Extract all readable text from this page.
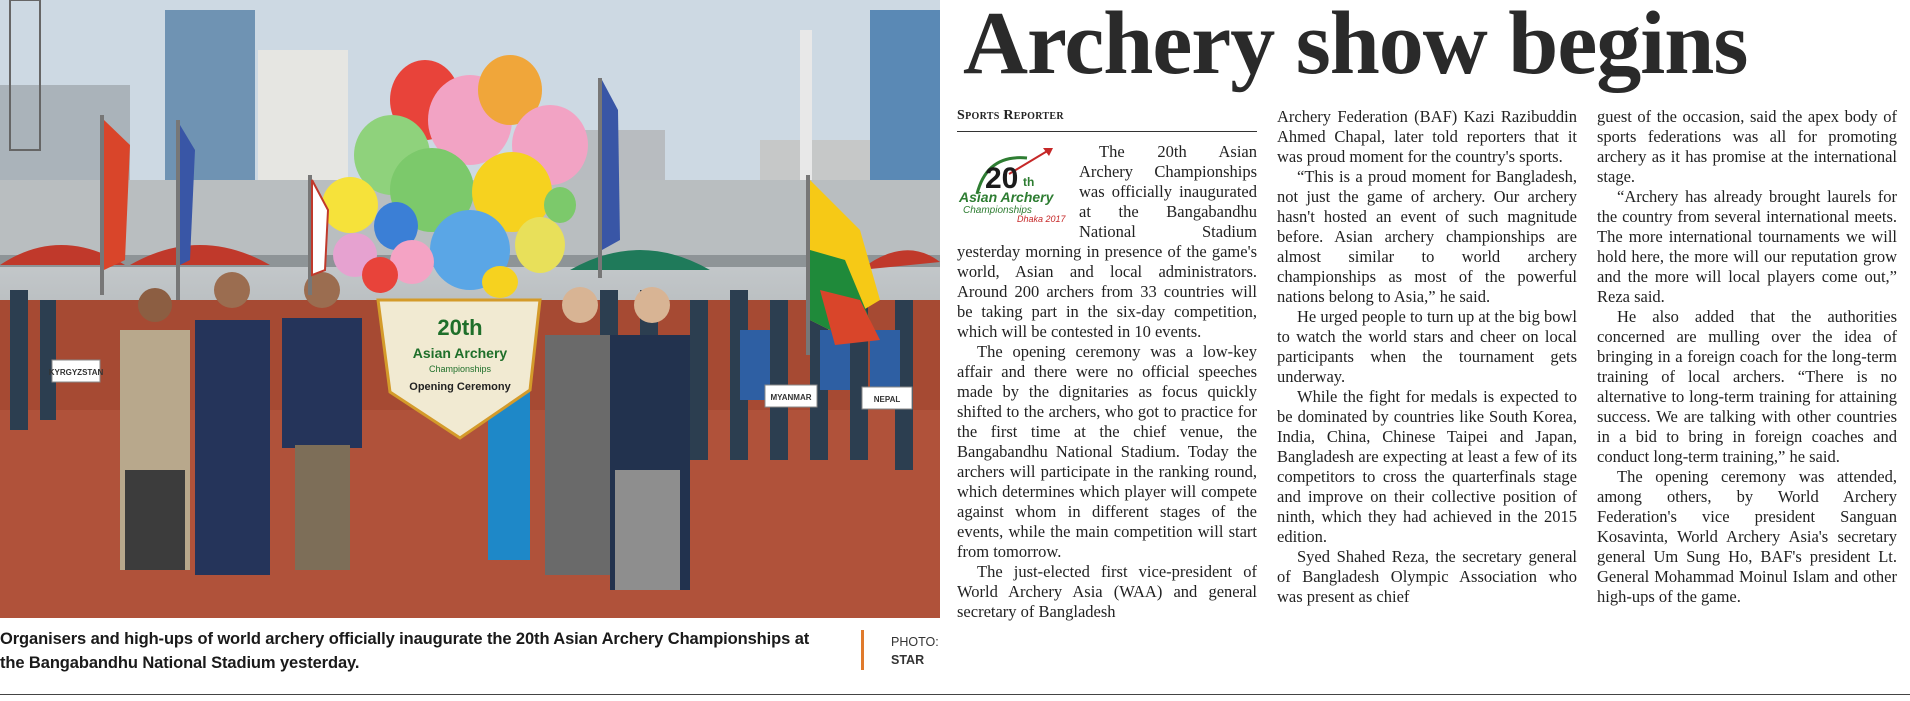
20th
Asian Archery
Championships
Opening Ceremony
KYRGYZSTAN
MYANMAR	NEPAL
Organisers and high-ups of world archery officially inaugurate the 20th Asian Archery Championships at the Bangabandhu National Stadium yesterday.
PHOTO:
STAR
Archery show begins
Sports Reporter
20 th
Asian Archery
Championships
Dhaka 2017

The 20th Asian Archery Championships was officially inaugurated at the Bangabandhu National Stadium yesterday morning in presence of the game's world, Asian and local administrators. Around 200 archers from 33 countries will be taking part in the six-day competition, which will be contested in 10 events.

The opening ceremony was a low-key affair and there were no official speeches made by the dignitaries as focus quickly shifted to the archers, who got to practice for the first time at the chief venue, the Bangabandhu National Stadium. Today the archers will participate in the ranking round, which determines which player will compete against whom in different stages of the events, while the main competition will start from tomorrow.

The just-elected first vice-president of World Archery Asia (WAA) and general secretary of Bangladesh

Archery Federation (BAF) Kazi Razibuddin Ahmed Chapal, later told reporters that it was proud moment for the country's sports.

“This is a proud moment for Bangladesh, not just the game of archery. Our archery hasn't hosted an event of such magnitude before. Asian archery championships are almost similar to world archery championships as most of the powerful nations belong to Asia,” he said.

He urged people to turn up at the big bowl to watch the world stars and cheer on local participants when the tournament gets underway.

While the fight for medals is expected to be dominated by countries like South Korea, India, China, Chinese Taipei and Japan, Bangladesh are expecting at least a few of its competitors to cross the quarterfinals stage and improve on their collective position of ninth, which they had achieved in the 2015 edition.

Syed Shahed Reza, the secretary general of Bangladesh Olympic Association who was present as chief

guest of the occasion, said the apex body of sports federations was all for promoting archery as it has promise at the international stage.

“Archery has already brought laurels for the country from several international meets. The more international tournaments we will hold here, the more will our reputation grow and the more will local players come out,” Reza said.

He also added that the authorities concerned are mulling over the idea of bringing in a foreign coach for the long-term training of local archers. “There is no alternative to long-term training for attaining success. We are talking with other countries in a bid to bring in foreign coaches and conduct long-term training,” he said.

The opening ceremony was attended, among others, by World Archery Federation's vice president Sanguan Kosavinta, World Archery Asia's secretary general Um Sung Ho, BAF's president Lt. General Mohammad Moinul Islam and other high-ups of the game.
